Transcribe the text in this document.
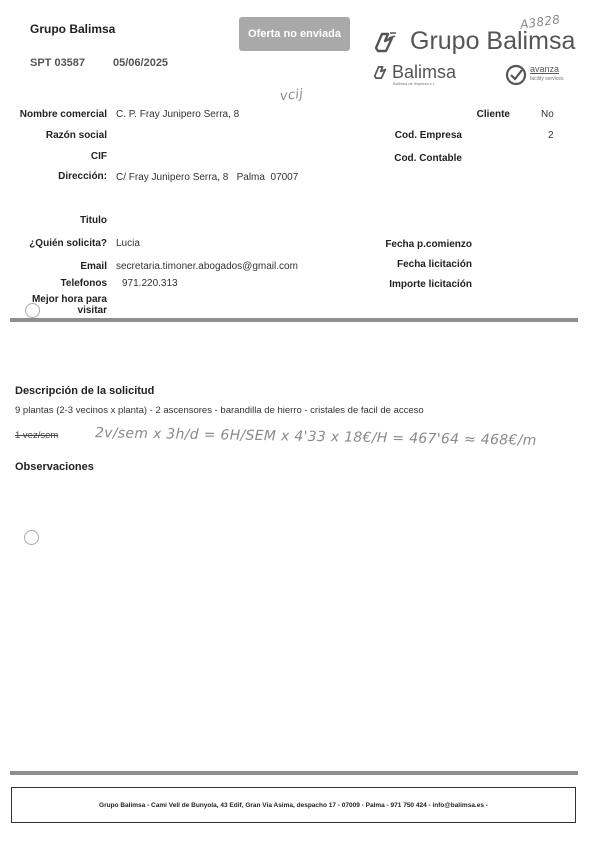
Grupo Balimsa
SPT 03587	05/06/2025
Oferta no enviada	Grupo Balimsa
A3828
Balimsa
Balimsa de limpieza s.l.
avanza
facility services
vcij
Nombre comercial C. P. Fray Junipero Serra, 8
Razón social
CIF
Dirección: C/ Fray Junipero Serra, 8   Palma  07007
Titulo
¿Quién solicita? Lucia
Email secretaria.timoner.abogados@gmail.com
Telefonos 971.220.313
Mejor hora para visitar
Cliente	No
Cod. Empresa	2
Cod. Contable
Fecha p.comienzo
Fecha licitación
Importe licitación
Descripción de la solicitud
9 plantas (2-3 vecinos x planta) - 2 ascensores - barandilla de hierro - cristales de facil de acceso
1 vez/sem	2v/sem x 3h/d = 6H/SEM x 4'33 x 18€/H = 467'64 ≈ 468€/m
Observaciones
Grupo Balimsa - Cami Vell de Bunyola, 43 Edif, Gran Via Asima, despacho 17 - 07009 - Palma - 971 750 424 - info@balimsa.es -
